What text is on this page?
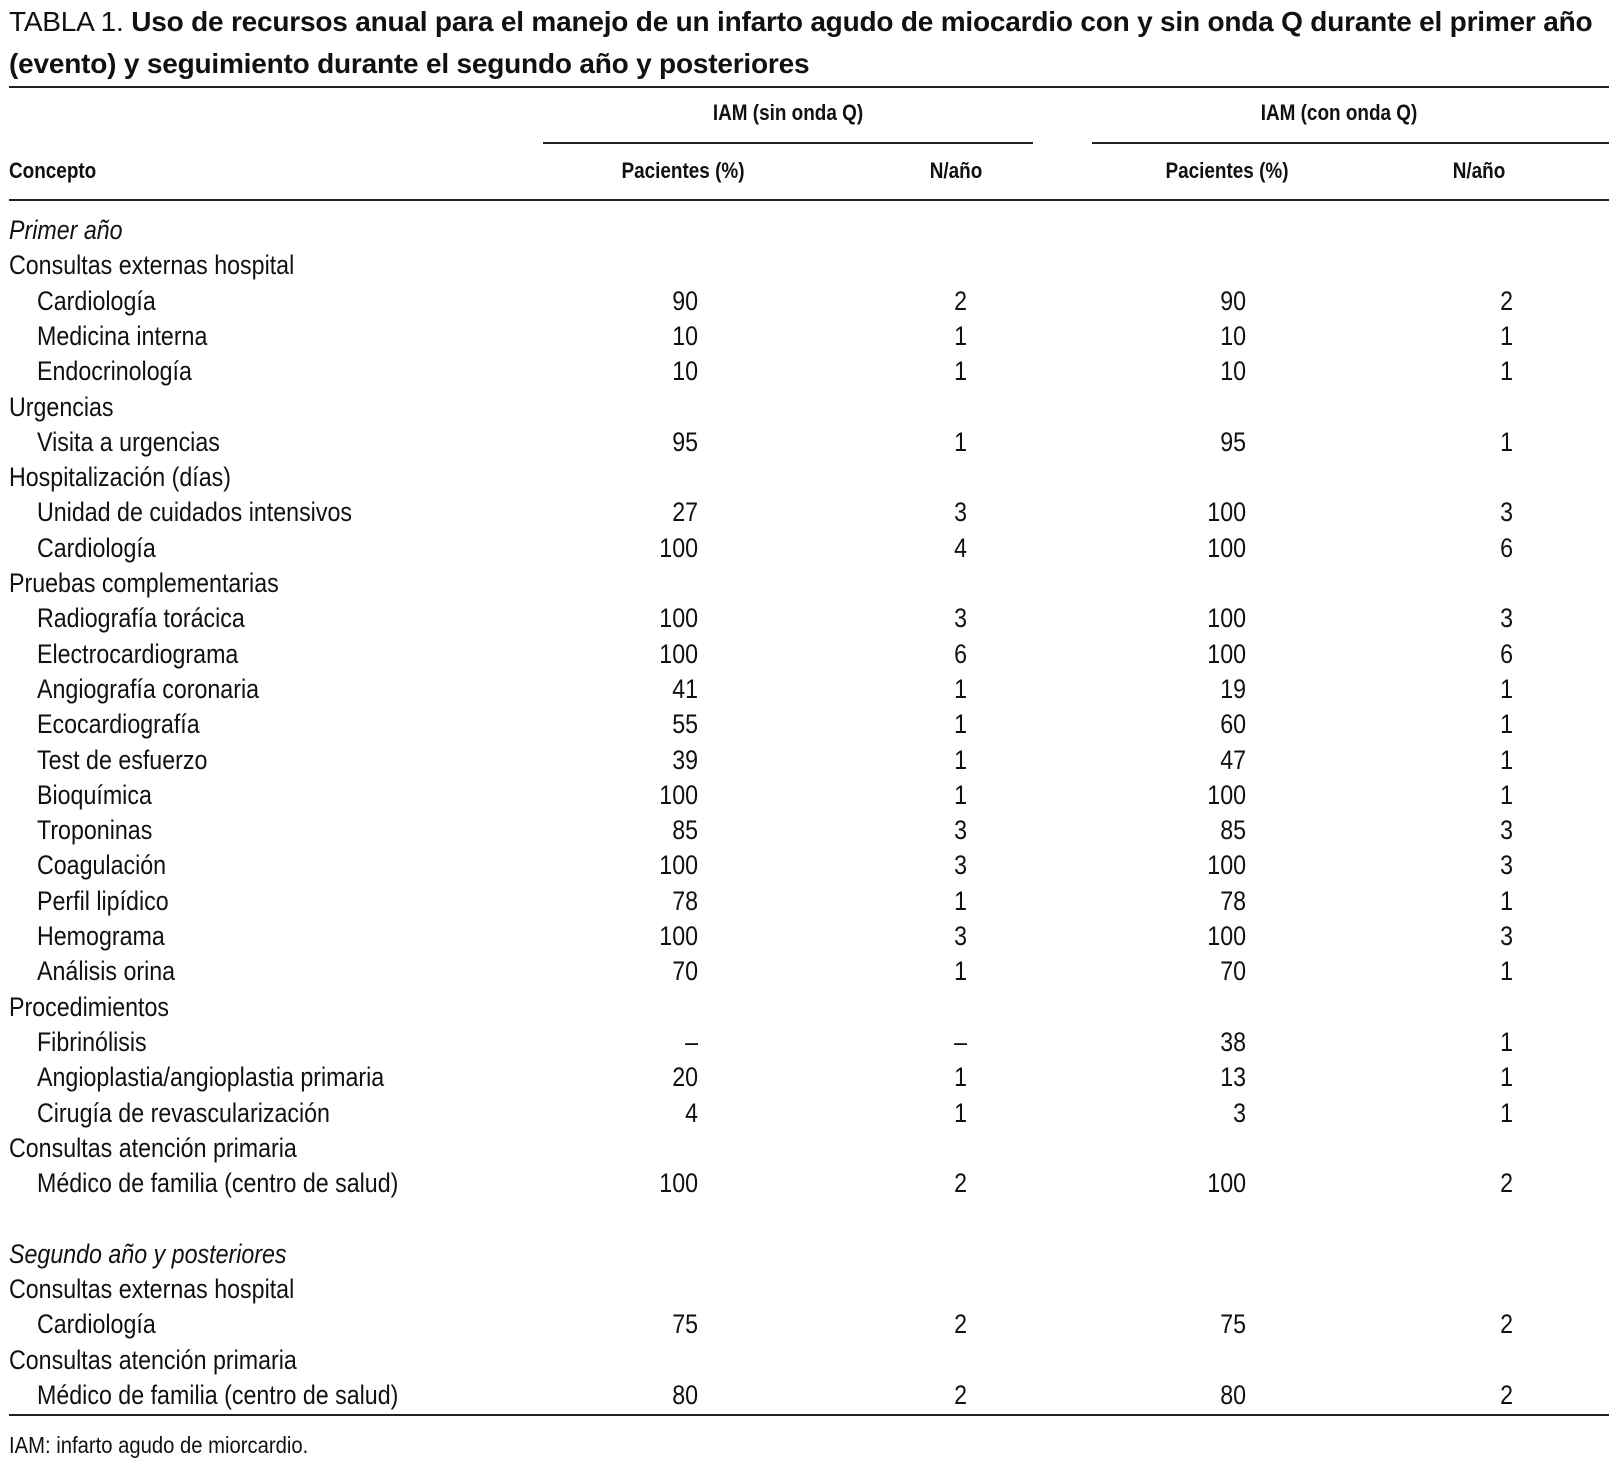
TABLA 1. Uso de recursos anual para el manejo de un infarto agudo de miocardio con y sin onda Q durante el primer año (evento) y seguimiento durante el segundo año y posteriores
IAM (sin onda Q)	IAM (con onda Q)
Concepto	Pacientes (%)	N/año	Pacientes (%)	N/año
Primer año
Consultas externas hospital
Cardiología	90	2	90	2
Medicina interna	10	1	10	1
Endocrinología	10	1	10	1
Urgencias
Visita a urgencias	95	1	95	1
Hospitalización (días)
Unidad de cuidados intensivos	27	3	100	3
Cardiología	100	4	100	6
Pruebas complementarias
Radiografía torácica	100	3	100	3
Electrocardiograma	100	6	100	6
Angiografía coronaria	41	1	19	1
Ecocardiografía	55	1	60	1
Test de esfuerzo	39	1	47	1
Bioquímica	100	1	100	1
Troponinas	85	3	85	3
Coagulación	100	3	100	3
Perfil lipídico	78	1	78	1
Hemograma	100	3	100	3
Análisis orina	70	1	70	1
Procedimientos
Fibrinólisis	–	–	38	1
Angioplastia/angioplastia primaria	20	1	13	1
Cirugía de revascularización	4	1	3	1
Consultas atención primaria
Médico de familia (centro de salud)	100	2	100	2
Segundo año y posteriores
Consultas externas hospital
Cardiología	75	2	75	2
Consultas atención primaria
Médico de familia (centro de salud)	80	2	80	2
IAM: infarto agudo de miorcardio.
